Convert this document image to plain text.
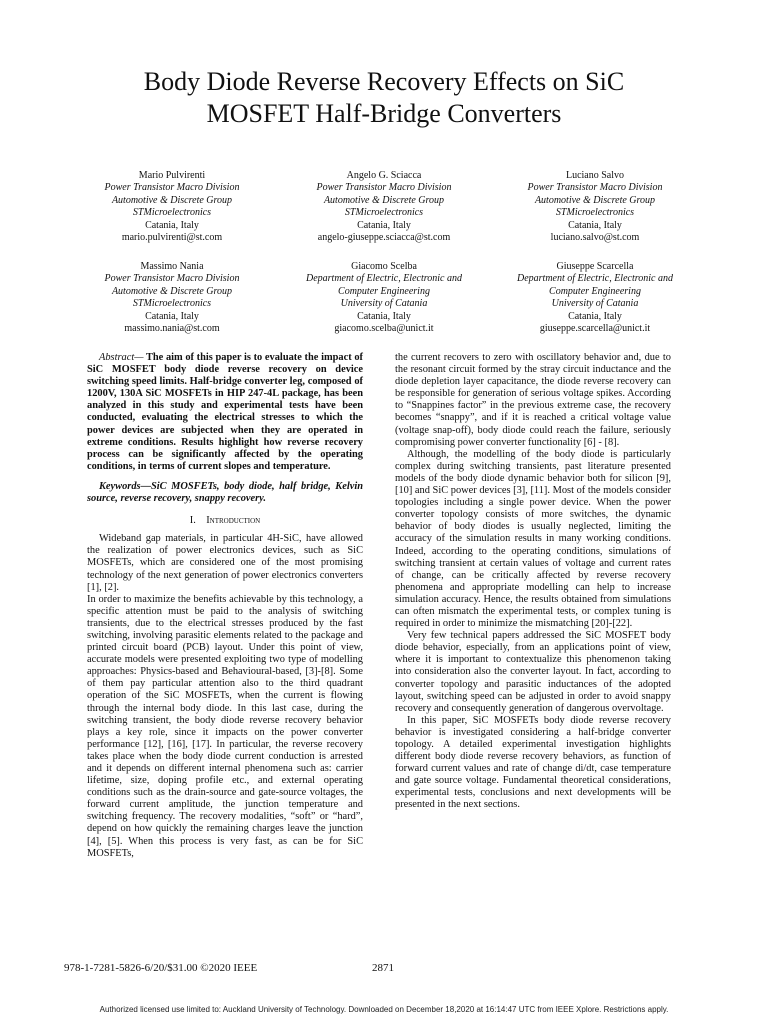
Body Diode Reverse Recovery Effects on SiC
MOSFET Half-Bridge Converters
Mario Pulvirenti
Power Transistor Macro Division
Automotive & Discrete Group
STMicroelectronics
Catania, Italy
mario.pulvirenti@st.com
Angelo G. Sciacca
Power Transistor Macro Division
Automotive & Discrete Group
STMicroelectronics
Catania, Italy
angelo-giuseppe.sciacca@st.com
Luciano Salvo
Power Transistor Macro Division
Automotive & Discrete Group
STMicroelectronics
Catania, Italy
luciano.salvo@st.com
Massimo Nania
Power Transistor Macro Division
Automotive & Discrete Group
STMicroelectronics
Catania, Italy
massimo.nania@st.com
Giacomo Scelba
Department of Electric, Electronic and
Computer Engineering
University of Catania
Catania, Italy
giacomo.scelba@unict.it
Giuseppe Scarcella
Department of Electric, Electronic and
Computer Engineering
University of Catania
Catania, Italy
giuseppe.scarcella@unict.it

Abstract— The aim of this paper is to evaluate the impact of SiC MOSFET body diode reverse recovery on device switching speed limits. Half-bridge converter leg, composed of 1200V, 130A SiC MOSFETs in HIP 247-4L package, has been analyzed in this study and experimental tests have been conducted, evaluating the electrical stresses to which the power devices are subjected when they are operated in extreme conditions. Results highlight how reverse recovery process can be significantly affected by the operating conditions, in terms of current slopes and temperature.

Keywords—SiC MOSFETs, body diode, half bridge, Kelvin source, reverse recovery, snappy recovery.

I. Introduction

Wideband gap materials, in particular 4H-SiC, have allowed the realization of power electronics devices, such as SiC MOSFETs, which are considered one of the most promising technology of the next generation of power electronics converters [1], [2].

In order to maximize the benefits achievable by this technology, a specific attention must be paid to the analysis of switching transients, due to the electrical stresses produced by the fast switching, involving parasitic elements related to the package and printed circuit board (PCB) layout. Under this point of view, accurate models were presented exploiting two type of modelling approaches: Physics-based and Behavioural-based, [3]-[8]. Some of them pay particular attention also to the third quadrant operation of the SiC MOSFETs, when the current is flowing through the internal body diode. In this last case, during the switching transient, the body diode reverse recovery behavior plays a key role, since it impacts on the power converter performance [12], [16], [17]. In particular, the reverse recovery takes place when the body diode current conduction is arrested and it depends on different internal phenomena such as: carrier lifetime, size, doping profile etc., and external operating conditions such as the drain-source and gate-source voltages, the forward current amplitude, the junction temperature and switching frequency. The recovery modalities, “soft” or “hard”, depend on how quickly the remaining charges leave the junction [4], [5]. When this process is very fast, as can be for SiC MOSFETs,

the current recovers to zero with oscillatory behavior and, due to the resonant circuit formed by the stray circuit inductance and the diode depletion layer capacitance, the diode reverse recovery can be responsible for generation of serious voltage spikes. According to “Snappines factor” in the previous extreme case, the recovery becomes “snappy”, and if it is reached a critical voltage value (voltage snap-off), body diode could reach the failure, seriously compromising power converter functionality [6] - [8].

Although, the modelling of the body diode is particularly complex during switching transients, past literature presented models of the body diode dynamic behavior both for silicon [9], [10] and SiC power devices [3], [11]. Most of the models consider topologies including a single power device. When the power converter topology consists of more switches, the dynamic behavior of body diodes is usually neglected, limiting the accuracy of the simulation results in many working conditions. Indeed, according to the operating conditions, simulations of switching transient at certain values of voltage and current rates of change, can be critically affected by reverse recovery phenomena and appropriate modelling can help to increase simulation accuracy. Hence, the results obtained from simulations can often mismatch the experimental tests, or complex tuning is required in order to minimize the mismatching [20]-[22].

Very few technical papers addressed the SiC MOSFET body diode behavior, especially, from an applications point of view, where it is important to contextualize this phenomenon taking into consideration also the converter layout. In fact, according to converter topology and parasitic inductances of the adopted layout, switching speed can be adjusted in order to avoid snappy recovery and consequently generation of dangerous overvoltage.

In this paper, SiC MOSFETs body diode reverse recovery behavior is investigated considering a half-bridge converter topology. A detailed experimental investigation highlights different body diode reverse recovery behaviors, as function of forward current values and rate of change di/dt, case temperature and gate source voltage. Fundamental theoretical considerations, experimental tests, conclusions and next developments will be presented in the next sections.

978-1-7281-5826-6/20/$31.00 ©2020 IEEE	2871
Authorized licensed use limited to: Auckland University of Technology. Downloaded on December 18,2020 at 16:14:47 UTC from IEEE Xplore. Restrictions apply.
